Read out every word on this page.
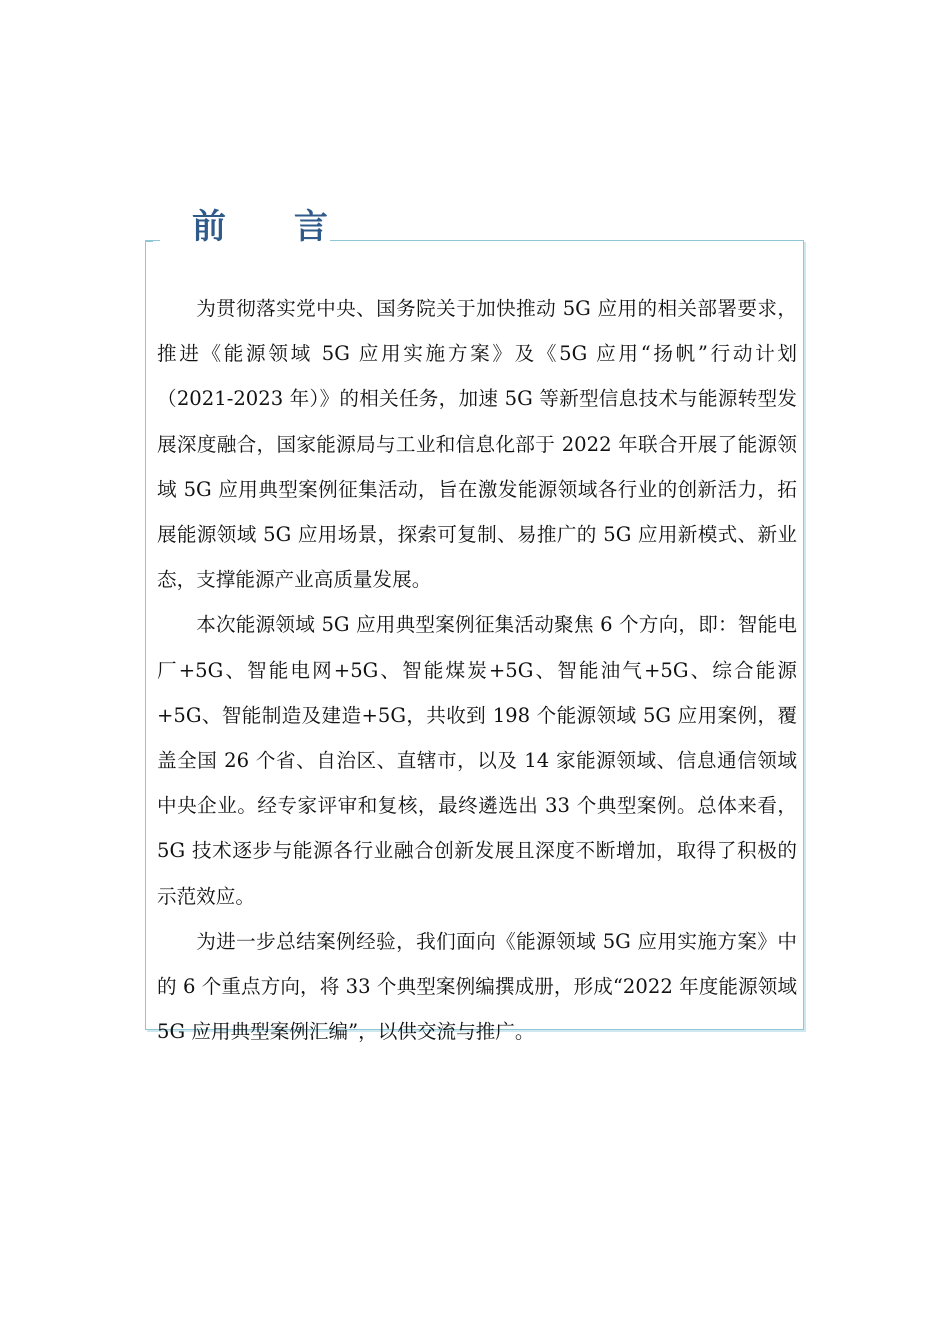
前 言

为贯彻落实党中央、国务院关于加快推动 5G 应用的相关部署要求，推进《能源领域 5G 应用实施方案》及《5G 应用“扬帆”行动计划（2021-2023 年）》的相关任务，加速 5G 等新型信息技术与能源转型发展深度融合，国家能源局与工业和信息化部于 2022 年联合开展了能源领域 5G 应用典型案例征集活动，旨在激发能源领域各行业的创新活力，拓展能源领域 5G 应用场景，探索可复制、易推广的 5G 应用新模式、新业态，支撑能源产业高质量发展。

本次能源领域 5G 应用典型案例征集活动聚焦 6 个方向，即：智能电厂+5G、智能电网+5G、智能煤炭+5G、智能油气+5G、综合能源+5G、智能制造及建造+5G，共收到 198 个能源领域 5G 应用案例，覆盖全国 26 个省、自治区、直辖市，以及 14 家能源领域、信息通信领域中央企业。经专家评审和复核，最终遴选出 33 个典型案例。总体来看，5G 技术逐步与能源各行业融合创新发展且深度不断增加，取得了积极的示范效应。

为进一步总结案例经验，我们面向《能源领域 5G 应用实施方案》中的 6 个重点方向，将 33 个典型案例编撰成册，形成“2022 年度能源领域 5G 应用典型案例汇编”，以供交流与推广。
